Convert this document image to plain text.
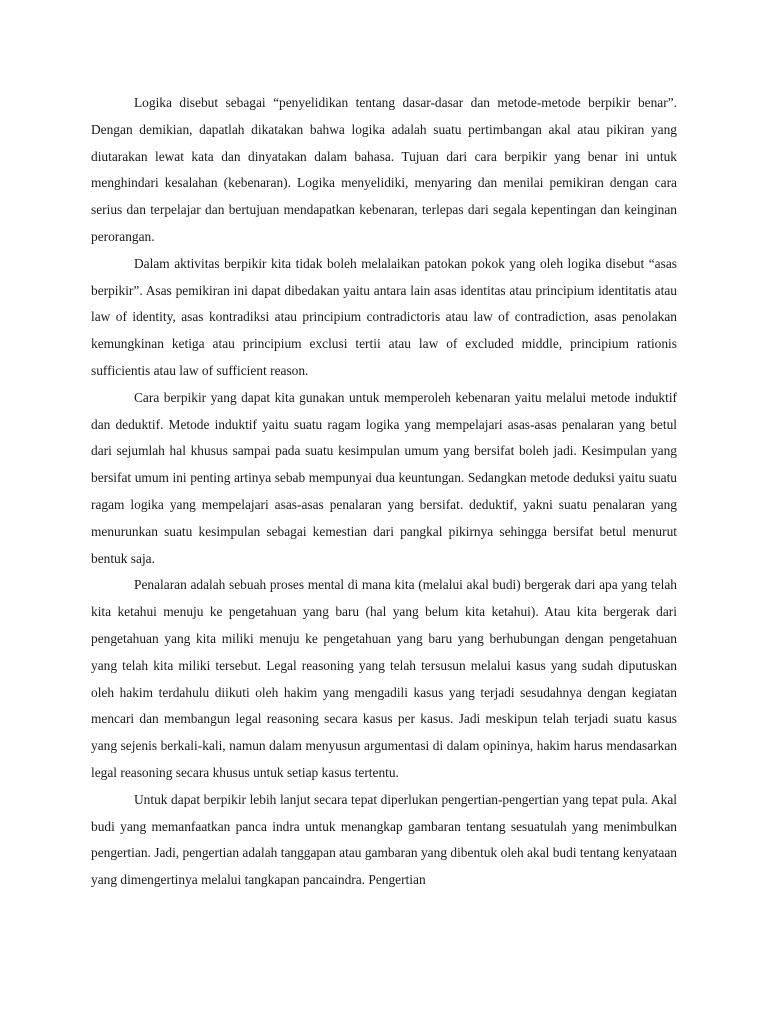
Logika disebut sebagai “penyelidikan tentang dasar-dasar dan metode-metode berpikir benar”. Dengan demikian, dapatlah dikatakan bahwa logika adalah suatu pertimbangan akal atau pikiran yang diutarakan lewat kata dan dinyatakan dalam bahasa. Tujuan dari cara berpikir yang benar ini untuk menghindari kesalahan (kebenaran). Logika menyelidiki, menyaring dan menilai pemikiran dengan cara serius dan terpelajar dan bertujuan mendapatkan kebenaran, terlepas dari segala kepentingan dan keinginan perorangan.

Dalam aktivitas berpikir kita tidak boleh melalaikan patokan pokok yang oleh logika disebut “asas berpikir”. Asas pemikiran ini dapat dibedakan yaitu antara lain asas identitas atau principium identitatis atau law of identity, asas kontradiksi atau principium contradictoris atau law of contradiction, asas penolakan kemungkinan ketiga atau principium exclusi tertii atau law of excluded middle, principium rationis sufficientis atau law of sufficient reason.

Cara berpikir yang dapat kita gunakan untuk memperoleh kebenaran yaitu melalui metode induktif dan deduktif. Metode induktif yaitu suatu ragam logika yang mempelajari asas-asas penalaran yang betul dari sejumlah hal khusus sampai pada suatu kesimpulan umum yang bersifat boleh jadi. Kesimpulan yang bersifat umum ini penting artinya sebab mempunyai dua keuntungan. Sedangkan metode deduksi yaitu suatu ragam logika yang mempelajari asas-asas penalaran yang bersifat. deduktif, yakni suatu penalaran yang menurunkan suatu kesimpulan sebagai kemestian dari pangkal pikirnya sehingga bersifat betul menurut bentuk saja.

Penalaran adalah sebuah proses mental di mana kita (melalui akal budi) bergerak dari apa yang telah kita ketahui menuju ke pengetahuan yang baru (hal yang belum kita ketahui). Atau kita bergerak dari pengetahuan yang kita miliki menuju ke pengetahuan yang baru yang berhubungan dengan pengetahuan yang telah kita miliki tersebut. Legal reasoning yang telah tersusun melalui kasus yang sudah diputuskan oleh hakim terdahulu diikuti oleh hakim yang mengadili kasus yang terjadi sesudahnya dengan kegiatan mencari dan membangun legal reasoning secara kasus per kasus. Jadi meskipun telah terjadi suatu kasus yang sejenis berkali-kali, namun dalam menyusun argumentasi di dalam opininya, hakim harus mendasarkan legal reasoning secara khusus untuk setiap kasus tertentu.

Untuk dapat berpikir lebih lanjut secara tepat diperlukan pengertian-pengertian yang tepat pula. Akal budi yang memanfaatkan panca indra untuk menangkap gambaran tentang sesuatulah yang menimbulkan pengertian. Jadi, pengertian adalah tanggapan atau gambaran yang dibentuk oleh akal budi tentang kenyataan yang dimengertinya melalui tangkapan pancaindra. Pengertian
